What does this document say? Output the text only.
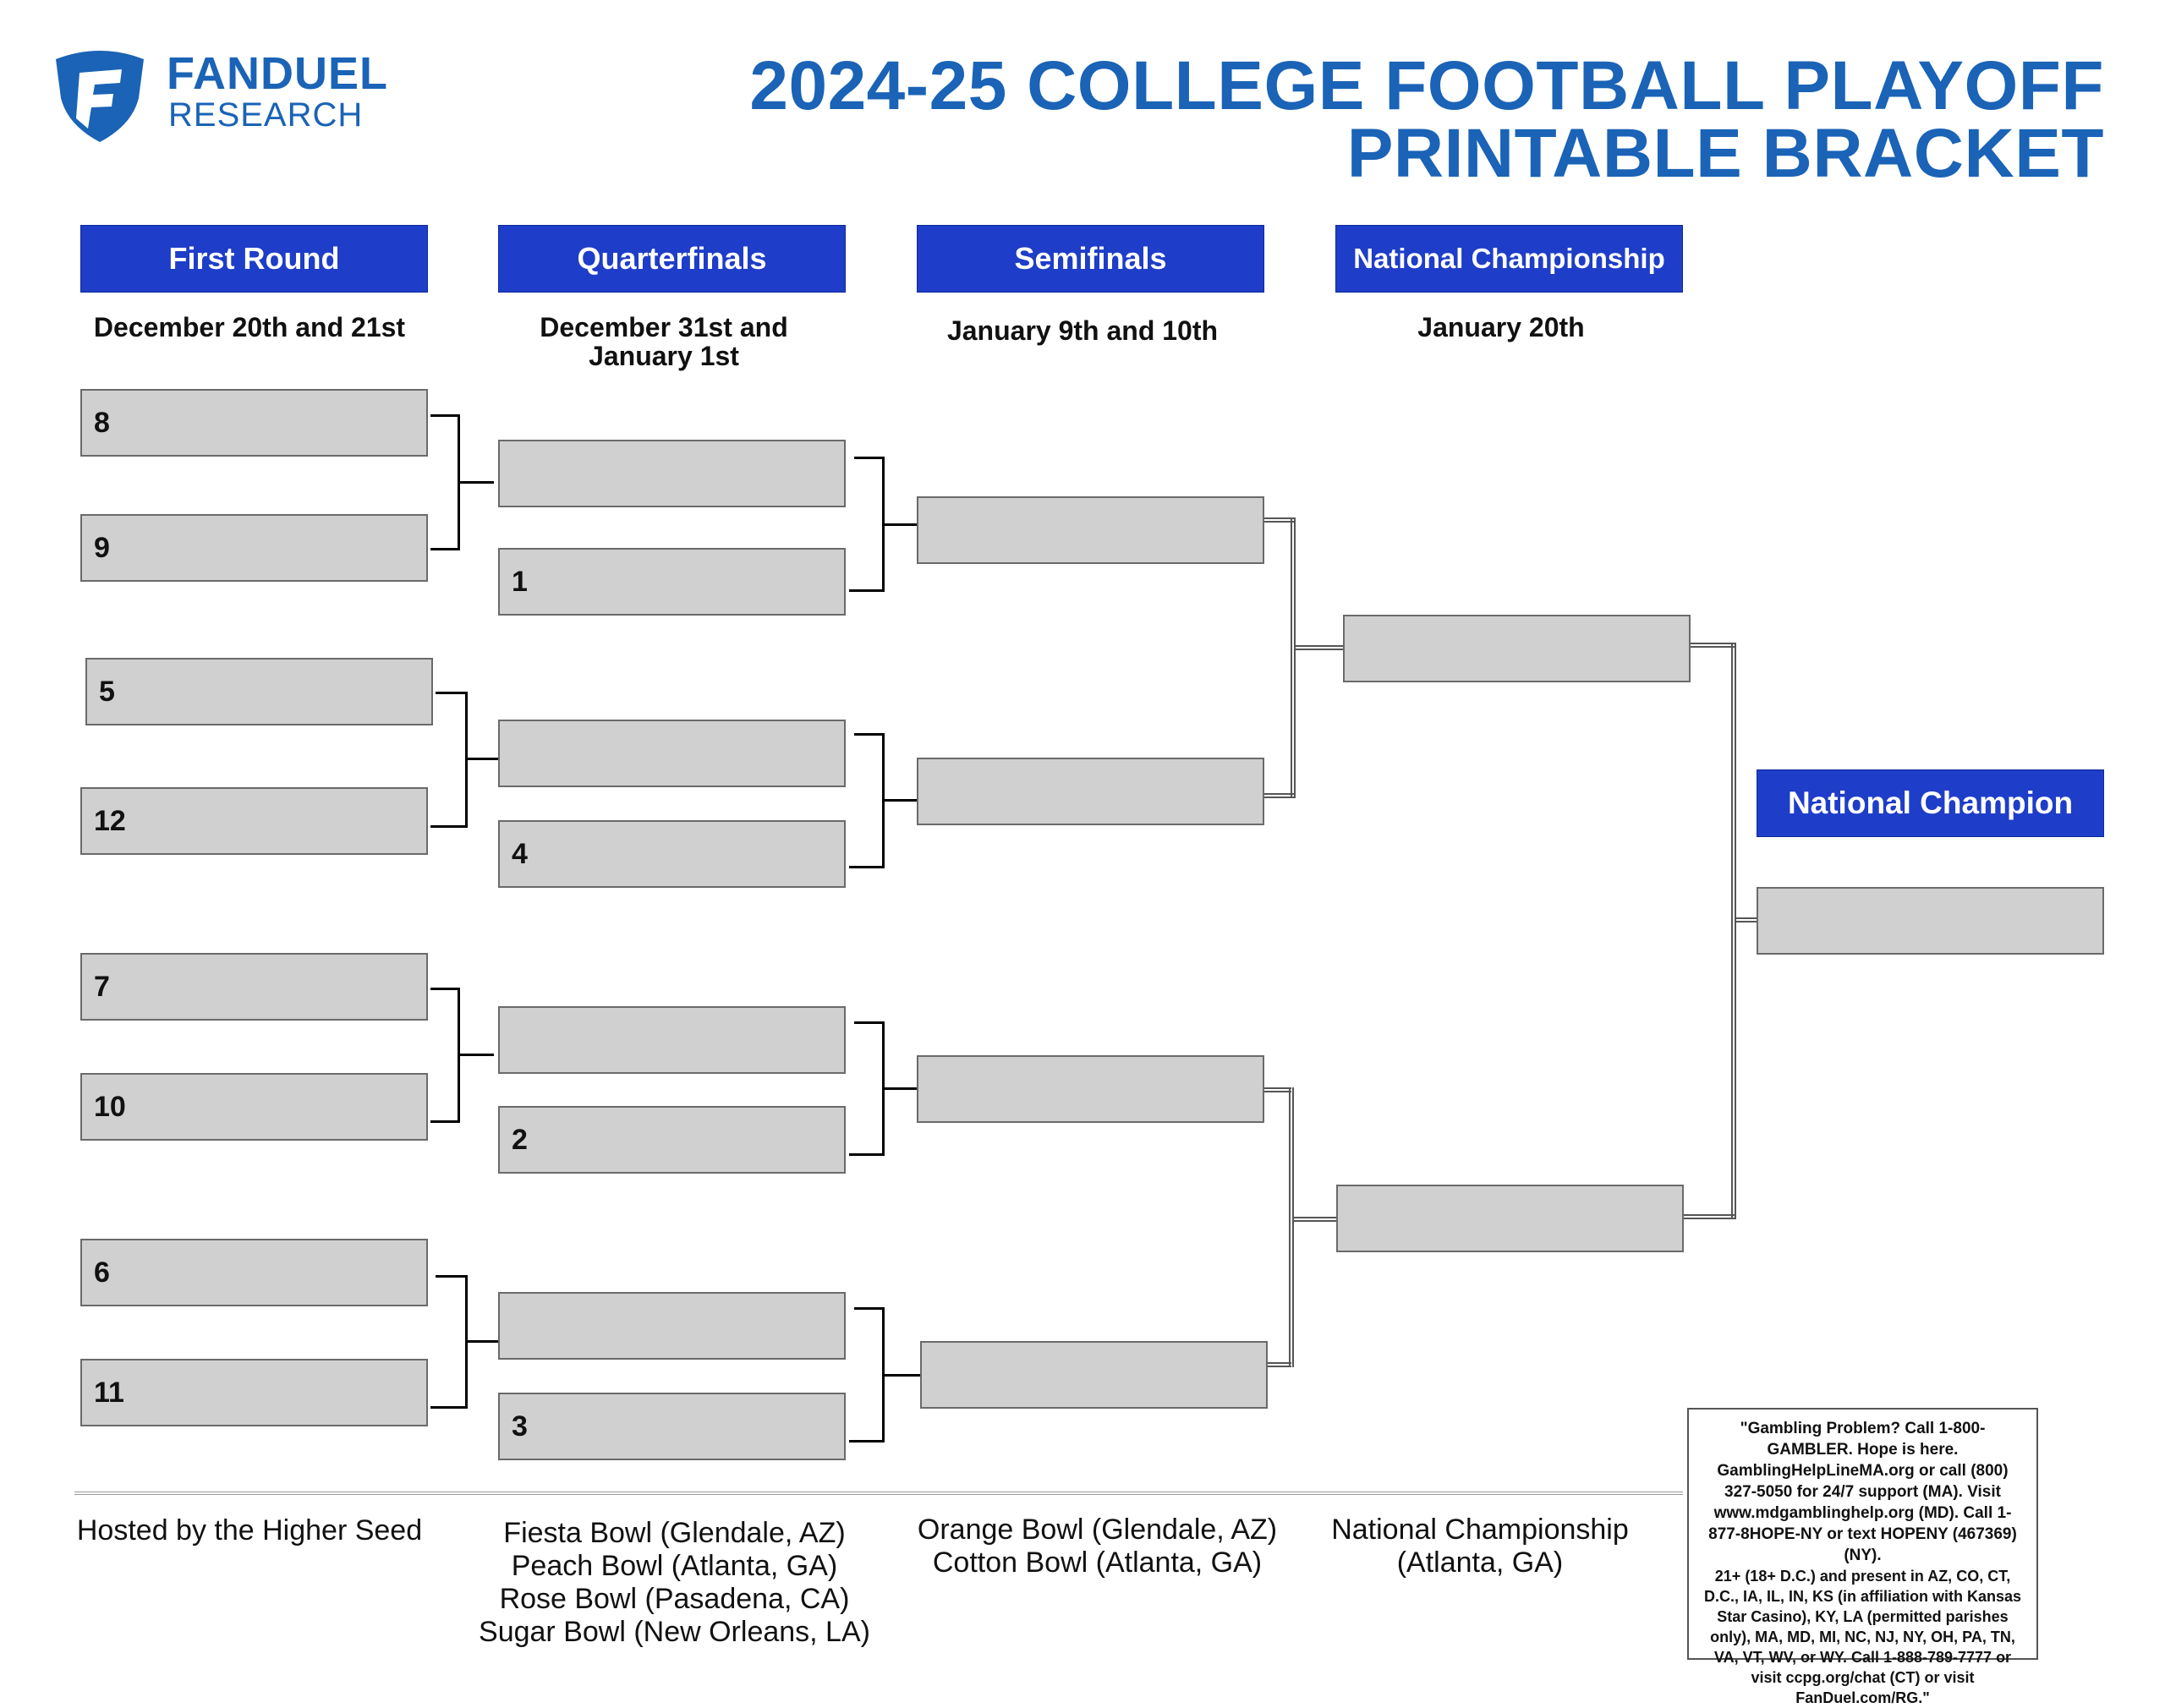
FANDUEL
RESEARCH	2024-25 COLLEGE FOOTBALL PLAYOFF
PRINTABLE BRACKET
First Round	Quarterfinals	Semifinals	National Championship
National Champion
December 20th and 21st	December 31st and
January 1st
January 9th and 10th	January 20th
8
9
5
12
7
10
6
11
1
4
2
3
Hosted by the Higher Seed	Fiesta Bowl (Glendale, AZ)
Peach Bowl (Atlanta, GA)
Rose Bowl (Pasadena, CA)
Sugar Bowl (New Orleans, LA)
Orange Bowl (Glendale, AZ)
Cotton Bowl (Atlanta, GA)
National Championship
(Atlanta, GA)
"Gambling Problem? Call 1-800-GAMBLER. Hope is here. GamblingHelpLineMA.org or call (800) 327-5050 for 24/7 support (MA). Visit www.mdgamblinghelp.org (MD). Call 1-877-8HOPE-NY or text HOPENY (467369) (NY).
21+ (18+ D.C.) and present in AZ, CO, CT, D.C., IA, IL, IN, KS (in affiliation with Kansas Star Casino), KY, LA (permitted parishes only), MA, MD, MI, NC, NJ, NY, OH, PA, TN, VA, VT, WV, or WY. Call 1-888-789-7777 or visit ccpg.org/chat (CT) or visit FanDuel.com/RG."
